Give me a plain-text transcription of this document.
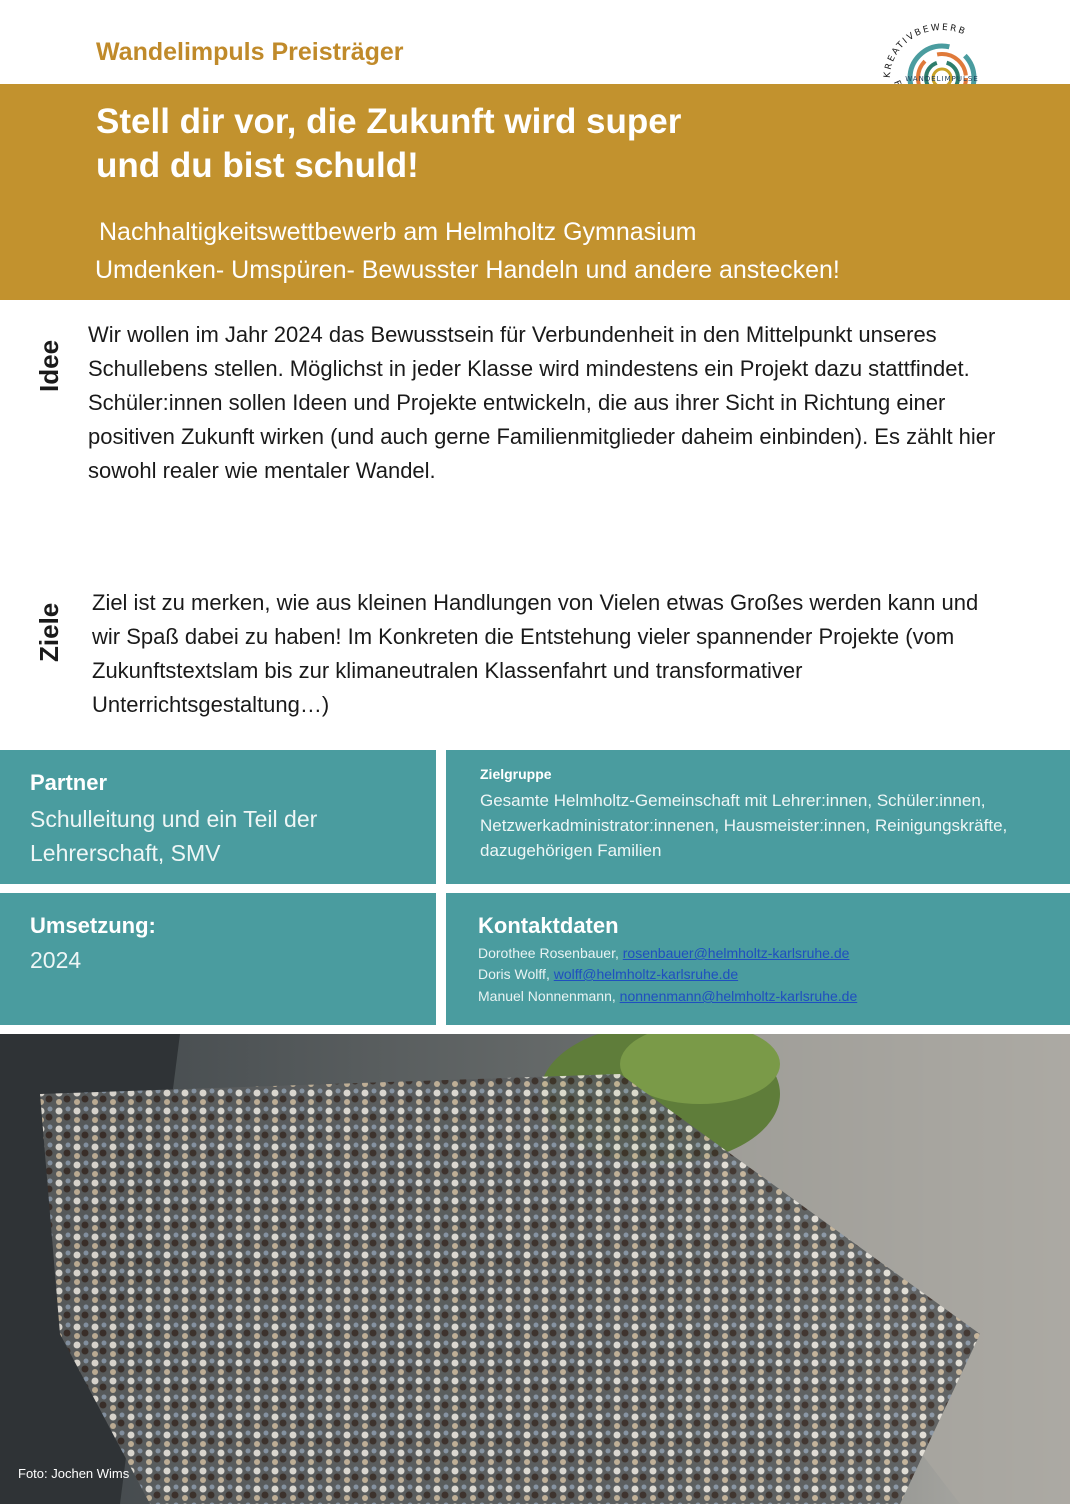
Wandelimpuls Preisträger
KREATIVBEWERB
WANDELIMPULSE
Stell dir vor, die Zukunft wird super
und du bist schuld!
Nachhaltigkeitswettbewerb am Helmholtz Gymnasium
Umdenken- Umspüren- Bewusster Handeln und andere anstecken!
Idee
Wir wollen im Jahr 2024 das Bewusstsein für Verbundenheit in den Mittelpunkt unseres Schullebens stellen. Möglichst in jeder Klasse wird mindestens ein Projekt dazu stattfindet. Schüler:innen sollen Ideen und Projekte entwickeln, die aus ihrer Sicht in Richtung einer positiven Zukunft wirken (und auch gerne Familienmitglieder daheim einbinden). Es zählt hier sowohl realer wie mentaler Wandel.
Ziele
Ziel ist zu merken, wie aus kleinen Handlungen von Vielen etwas Großes werden kann und wir Spaß dabei zu haben! Im Konkreten die Entstehung vieler spannender Projekte (vom Zukunftstextslam bis zur klimaneutralen Klassenfahrt und transformativer Unterrichtsgestaltung…)
Partner
Schulleitung und ein Teil der Lehrerschaft, SMV
Zielgruppe
Gesamte Helmholtz-Gemeinschaft mit Lehrer:innen, Schüler:innen, Netzwerkadministrator:innenen, Hausmeister:innen, Reinigungskräfte, dazugehörigen Familien
Umsetzung:
2024
Kontaktdaten
Dorothee Rosenbauer, rosenbauer@helmholtz-karlsruhe.de
Doris Wolff, wolff@helmholtz-karlsruhe.de
Manuel Nonnenmann, nonnenmann@helmholtz-karlsruhe.de
Foto: Jochen Wims
